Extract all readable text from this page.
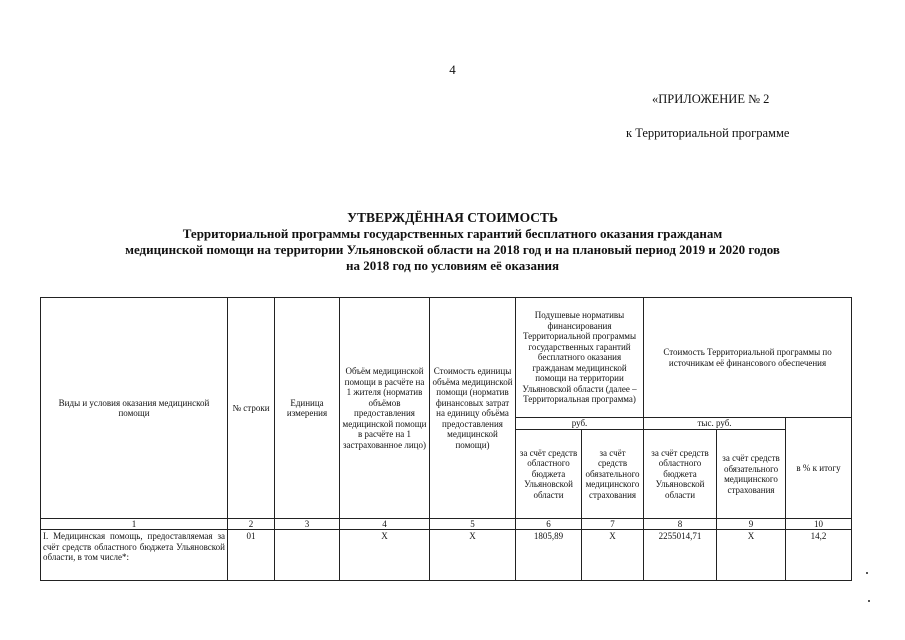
4
«ПРИЛОЖЕНИЕ № 2
к Территориальной программе
УТВЕРЖДЁННАЯ СТОИМОСТЬ
Территориальной программы государственных гарантий бесплатного оказания гражданам
медицинской помощи на территории Ульяновской области на 2018 год и на плановый период 2019 и 2020 годов
на 2018 год по условиям её оказания
Виды и условия оказания медицинской помощи	№ строки	Единица измерения	Объём медицинской помощи в расчёте на 1 жителя (норматив объёмов предоставления медицинской помощи в расчёте на 1 застрахованное лицо)	Стоимость единицы объёма медицинской помощи (норматив финансовых затрат на единицу объёма предоставления медицинской помощи)	Подушевые нормативы финансирования Территориальной программы государственных гарантий бесплатного оказания гражданам медицинской помощи на территории Ульяновской области (далее – Территориальная программа)		Стоимость Территориальной программы по источникам её финансового обеспечения		
					руб.		тыс. руб.		в % к итогу
					за счёт средств областного бюджета Ульяновской области	за счёт средств обязательного медицинского страхования	за счёт средств областного бюджета Ульяновской области	за счёт средств обязательного медицинского страхования	
1	2	3	4	5	6	7	8	9	10
I. Медицинская помощь, предоставляемая за счёт средств областного бюджета Ульяновской области, в том числе*:	01		X	X	1805,89	X	2255014,71	X	14,2
